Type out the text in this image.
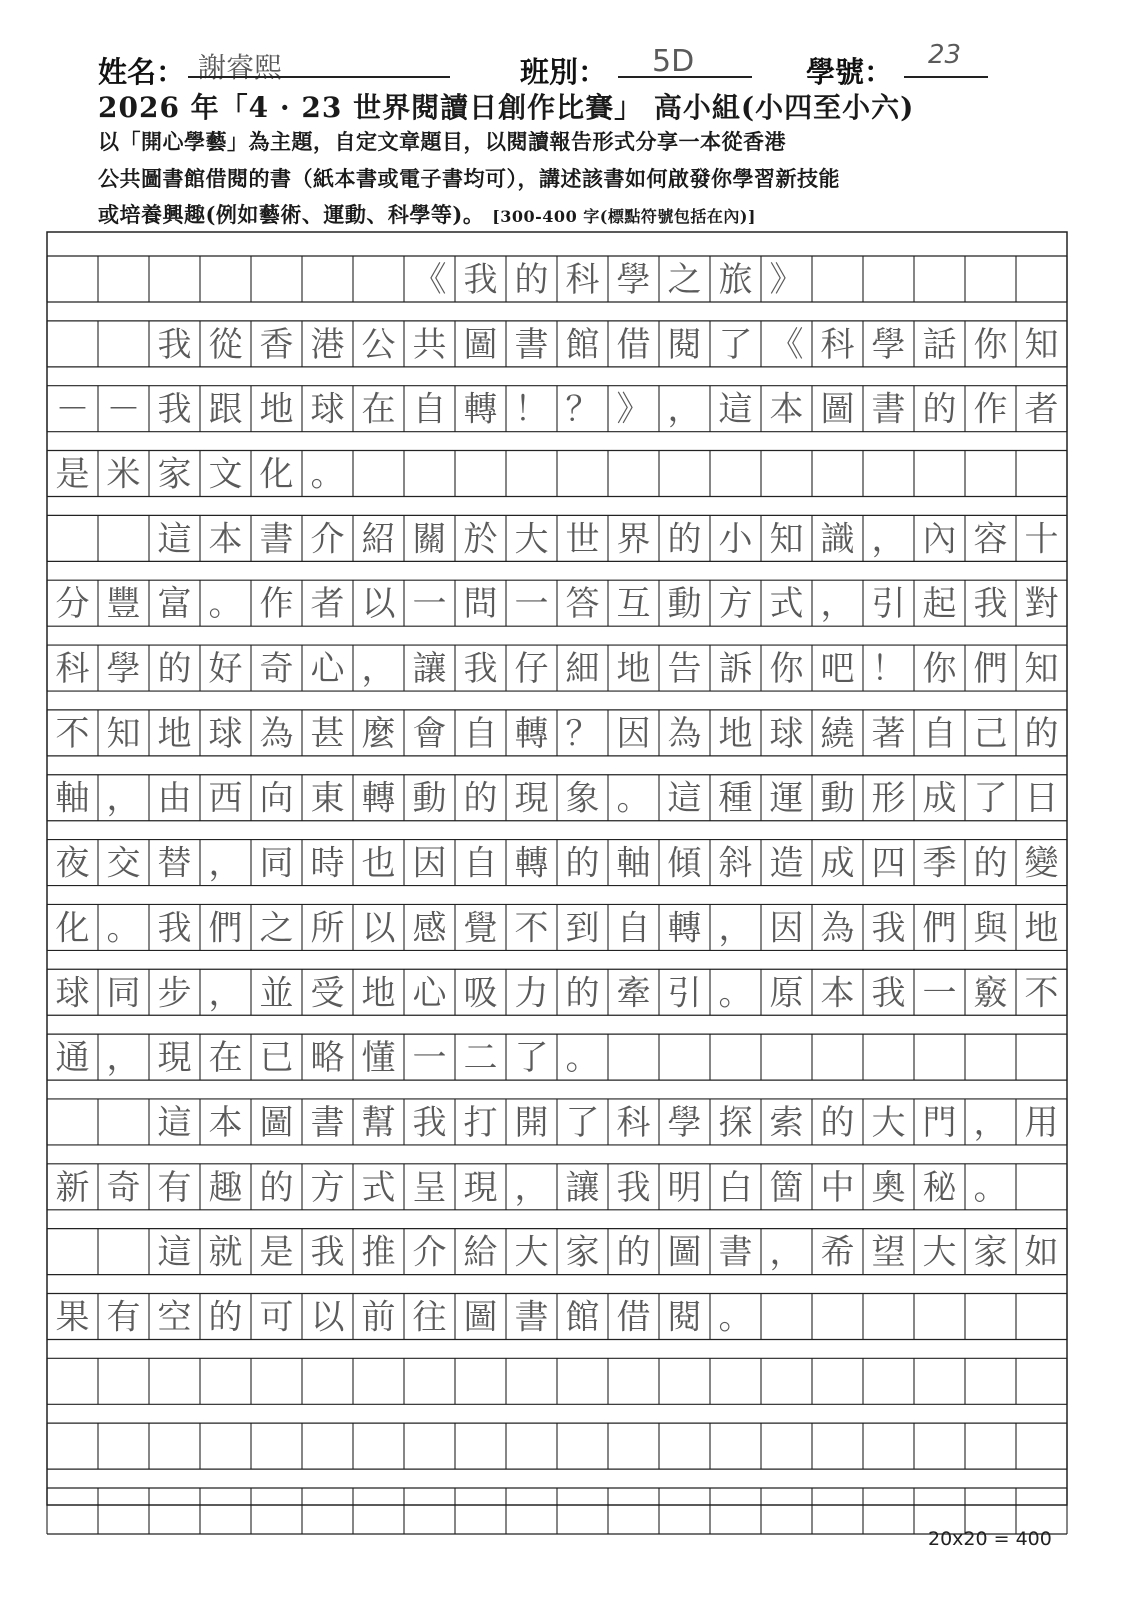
姓名： 謝睿熙	班別： 5D	學號： 23
2026 年「4 · 23 世界閱讀日創作比賽」 高小組(小四至小六)
以「開心學藝」為主題，自定文章題目，以閱讀報告形式分享一本從香港
公共圖書館借閱的書（紙本書或電子書均可），講述該書如何啟發你學習新技能
或培養興趣(例如藝術、運動、科學等)。 [300-400 字(標點符號包括在內)]
《 我 的 科 學 之 旅 》
我 從 香 港 公 共 圖 書 館 借 閱 了 《 科 學 話 你 知
－ － 我 跟 地 球 在 自 轉 ！ ？ 》 ， 這 本 圖 書 的 作 者
是 米 家 文 化 。
這 本 書 介 紹 關 於 大 世 界 的 小 知 識 ， 內 容 十
分 豐 富 。 作 者 以 一 問 一 答 互 動 方 式 ， 引 起 我 對
科 學 的 好 奇 心 ， 讓 我 仔 細 地 告 訴 你 吧 ！ 你 們 知
不 知 地 球 為 甚 麼 會 自 轉 ？ 因 為 地 球 繞 著 自 己 的
軸 ， 由 西 向 東 轉 動 的 現 象 。 這 種 運 動 形 成 了 日
夜 交 替 ， 同 時 也 因 自 轉 的 軸 傾 斜 造 成 四 季 的 變
化 。 我 們 之 所 以 感 覺 不 到 自 轉 ， 因 為 我 們 與 地
球 同 步 ， 並 受 地 心 吸 力 的 牽 引 。 原 本 我 一 竅 不
通 ， 現 在 已 略 懂 一 二 了 。
這 本 圖 書 幫 我 打 開 了 科 學 探 索 的 大 門 ， 用
新 奇 有 趣 的 方 式 呈 現 ， 讓 我 明 白 箇 中 奧 秘 。
這 就 是 我 推 介 給 大 家 的 圖 書 ， 希 望 大 家 如
果 有 空 的 可 以 前 往 圖 書 館 借 閱 。
20x20 = 400
